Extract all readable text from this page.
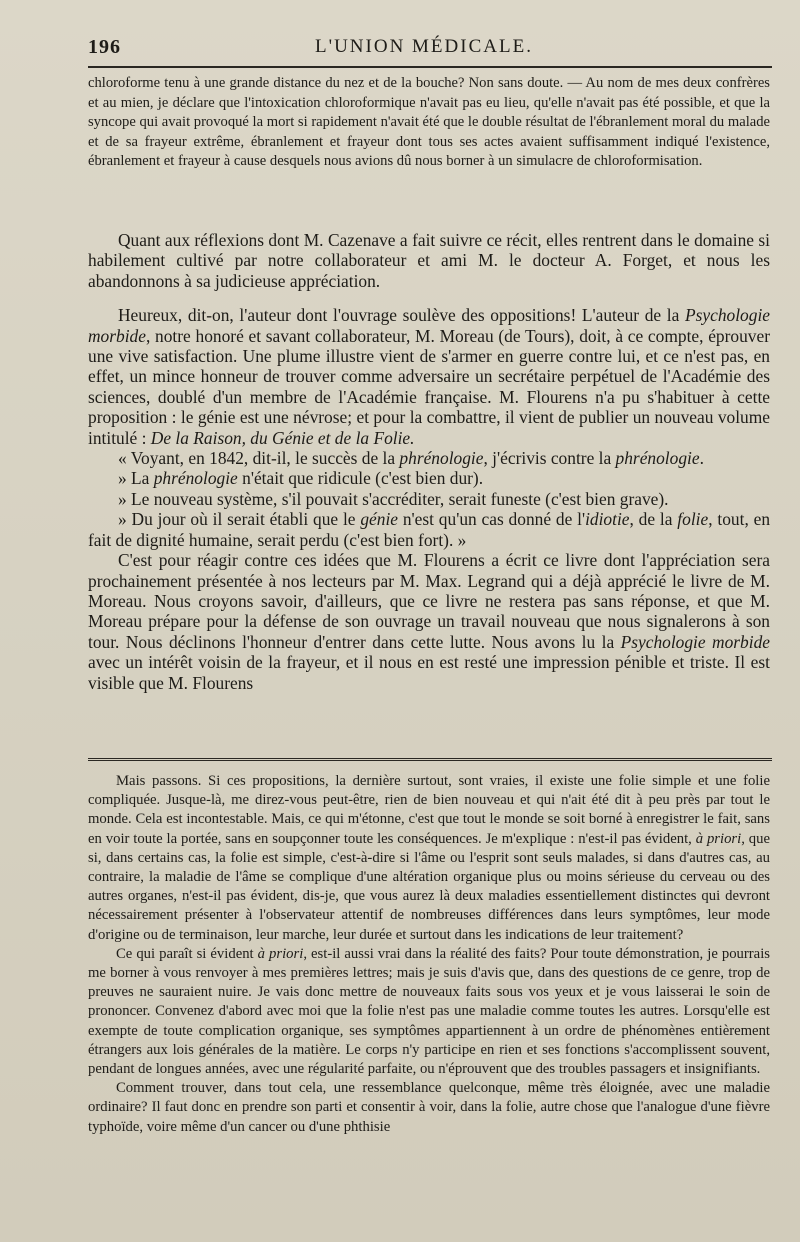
196	L'UNION MÉDICALE.

chloroforme tenu à une grande distance du nez et de la bouche? Non sans doute. — Au nom de mes deux confrères et au mien, je déclare que l'intoxication chloroformique n'avait pas eu lieu, qu'elle n'avait pas été possible, et que la syncope qui avait provoqué la mort si rapidement n'avait été que le double résultat de l'ébranlement moral du malade et de sa frayeur extrême, ébranlement et frayeur dont tous ses actes avaient suffisamment indiqué l'existence, ébranlement et frayeur à cause desquels nous avions dû nous borner à un simulacre de chloroformisation.

Quant aux réflexions dont M. Cazenave a fait suivre ce récit, elles rentrent dans le domaine si habilement cultivé par notre collaborateur et ami M. le docteur A. Forget, et nous les abandonnons à sa judicieuse appréciation.

Heureux, dit-on, l'auteur dont l'ouvrage soulève des oppositions! L'auteur de la Psychologie morbide, notre honoré et savant collaborateur, M. Moreau (de Tours), doit, à ce compte, éprouver une vive satisfaction. Une plume illustre vient de s'armer en guerre contre lui, et ce n'est pas, en effet, un mince honneur de trouver comme adversaire un secrétaire perpétuel de l'Académie des sciences, doublé d'un membre de l'Académie française. M. Flourens n'a pu s'habituer à cette proposition : le génie est une névrose; et pour la combattre, il vient de publier un nouveau volume intitulé : De la Raison, du Génie et de la Folie.

« Voyant, en 1842, dit-il, le succès de la phrénologie, j'écrivis contre la phrénologie.

» La phrénologie n'était que ridicule (c'est bien dur).

» Le nouveau système, s'il pouvait s'accréditer, serait funeste (c'est bien grave).

» Du jour où il serait établi que le génie n'est qu'un cas donné de l'idiotie, de la folie, tout, en fait de dignité humaine, serait perdu (c'est bien fort). »

C'est pour réagir contre ces idées que M. Flourens a écrit ce livre dont l'appréciation sera prochainement présentée à nos lecteurs par M. Max. Legrand qui a déjà apprécié le livre de M. Moreau. Nous croyons savoir, d'ailleurs, que ce livre ne restera pas sans réponse, et que M. Moreau prépare pour la défense de son ouvrage un travail nouveau que nous signalerons à son tour. Nous déclinons l'honneur d'entrer dans cette lutte. Nous avons lu la Psychologie morbide avec un intérêt voisin de la frayeur, et il nous en est resté une impression pénible et triste. Il est visible que M. Flourens

Mais passons. Si ces propositions, la dernière surtout, sont vraies, il existe une folie simple et une folie compliquée. Jusque-là, me direz-vous peut-être, rien de bien nouveau et qui n'ait été dit à peu près par tout le monde. Cela est incontestable. Mais, ce qui m'étonne, c'est que tout le monde se soit borné à enregistrer le fait, sans en voir toute la portée, sans en soupçonner toute les conséquences. Je m'explique : n'est-il pas évident, à priori, que si, dans certains cas, la folie est simple, c'est-à-dire si l'âme ou l'esprit sont seuls malades, si dans d'autres cas, au contraire, la maladie de l'âme se complique d'une altération organique plus ou moins sérieuse du cerveau ou des autres organes, n'est-il pas évident, dis-je, que vous aurez là deux maladies essentiellement distinctes qui devront nécessairement présenter à l'observateur attentif de nombreuses différences dans leurs symptômes, leur mode d'origine ou de terminaison, leur marche, leur durée et surtout dans les indications de leur traitement?

Ce qui paraît si évident à priori, est-il aussi vrai dans la réalité des faits? Pour toute démonstration, je pourrais me borner à vous renvoyer à mes premières lettres; mais je suis d'avis que, dans des questions de ce genre, trop de preuves ne sauraient nuire. Je vais donc mettre de nouveaux faits sous vos yeux et je vous laisserai le soin de prononcer. Convenez d'abord avec moi que la folie n'est pas une maladie comme toutes les autres. Lorsqu'elle est exempte de toute complication organique, ses symptômes appartiennent à un ordre de phénomènes entièrement étrangers aux lois générales de la matière. Le corps n'y participe en rien et ses fonctions s'accomplissent souvent, pendant de longues années, avec une régularité parfaite, ou n'éprouvent que des troubles passagers et insignifiants.

Comment trouver, dans tout cela, une ressemblance quelconque, même très éloignée, avec une maladie ordinaire? Il faut donc en prendre son parti et consentir à voir, dans la folie, autre chose que l'analogue d'une fièvre typhoïde, voire même d'un cancer ou d'une phthisie
